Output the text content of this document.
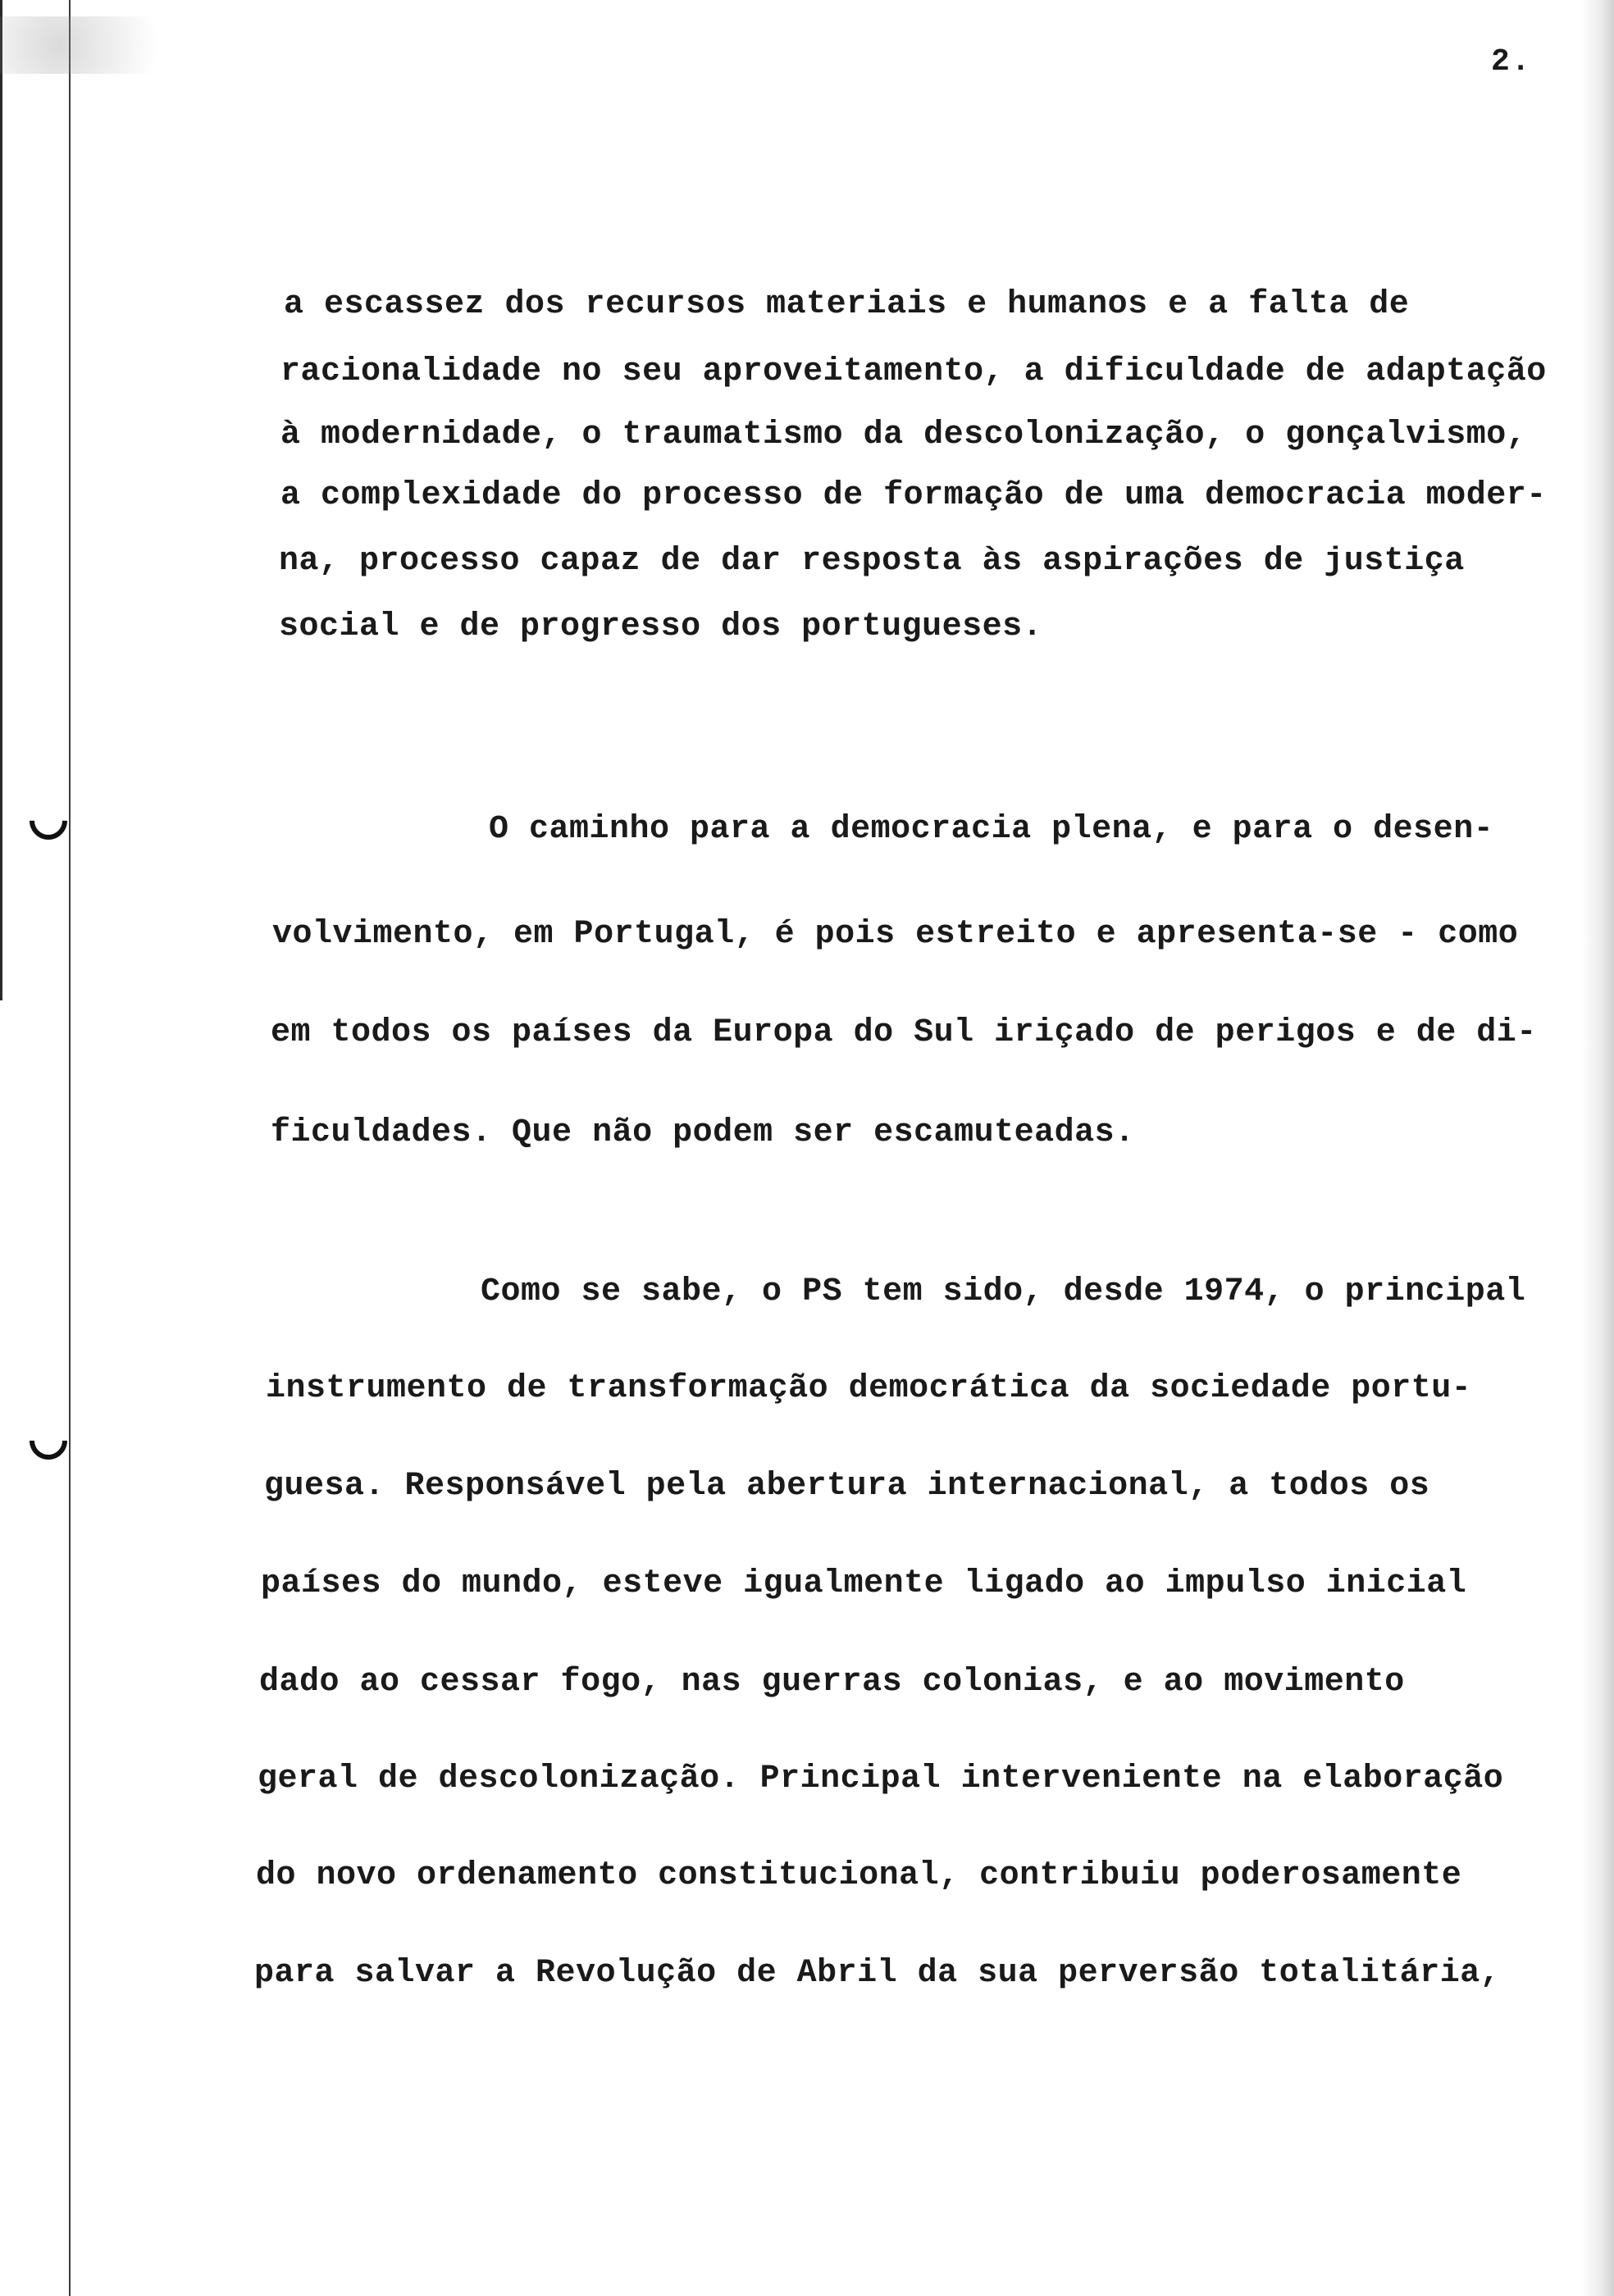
2.
a escassez dos recursos materiais e humanos e a falta de
racionalidade no seu aproveitamento, a dificuldade de adaptação
à modernidade, o traumatismo da descolonização, o gonçalvismo,
a complexidade do processo de formação de uma democracia moder-
na, processo capaz de dar resposta às aspirações de justiça
social e de progresso dos portugueses.
O caminho para a democracia plena, e para o desen-
volvimento, em Portugal, é pois estreito e apresenta-se - como
em todos os países da Europa do Sul iriçado de perigos e de di-
ficuldades. Que não podem ser escamuteadas.
Como se sabe, o PS tem sido, desde 1974, o principal
instrumento de transformação democrática da sociedade portu-
guesa. Responsável pela abertura internacional, a todos os
países do mundo, esteve igualmente ligado ao impulso inicial
dado ao cessar fogo, nas guerras colonias, e ao movimento
geral de descolonização. Principal interveniente na elaboração
do novo ordenamento constitucional, contribuiu poderosamente
para salvar a Revolução de Abril da sua perversão totalitária,
